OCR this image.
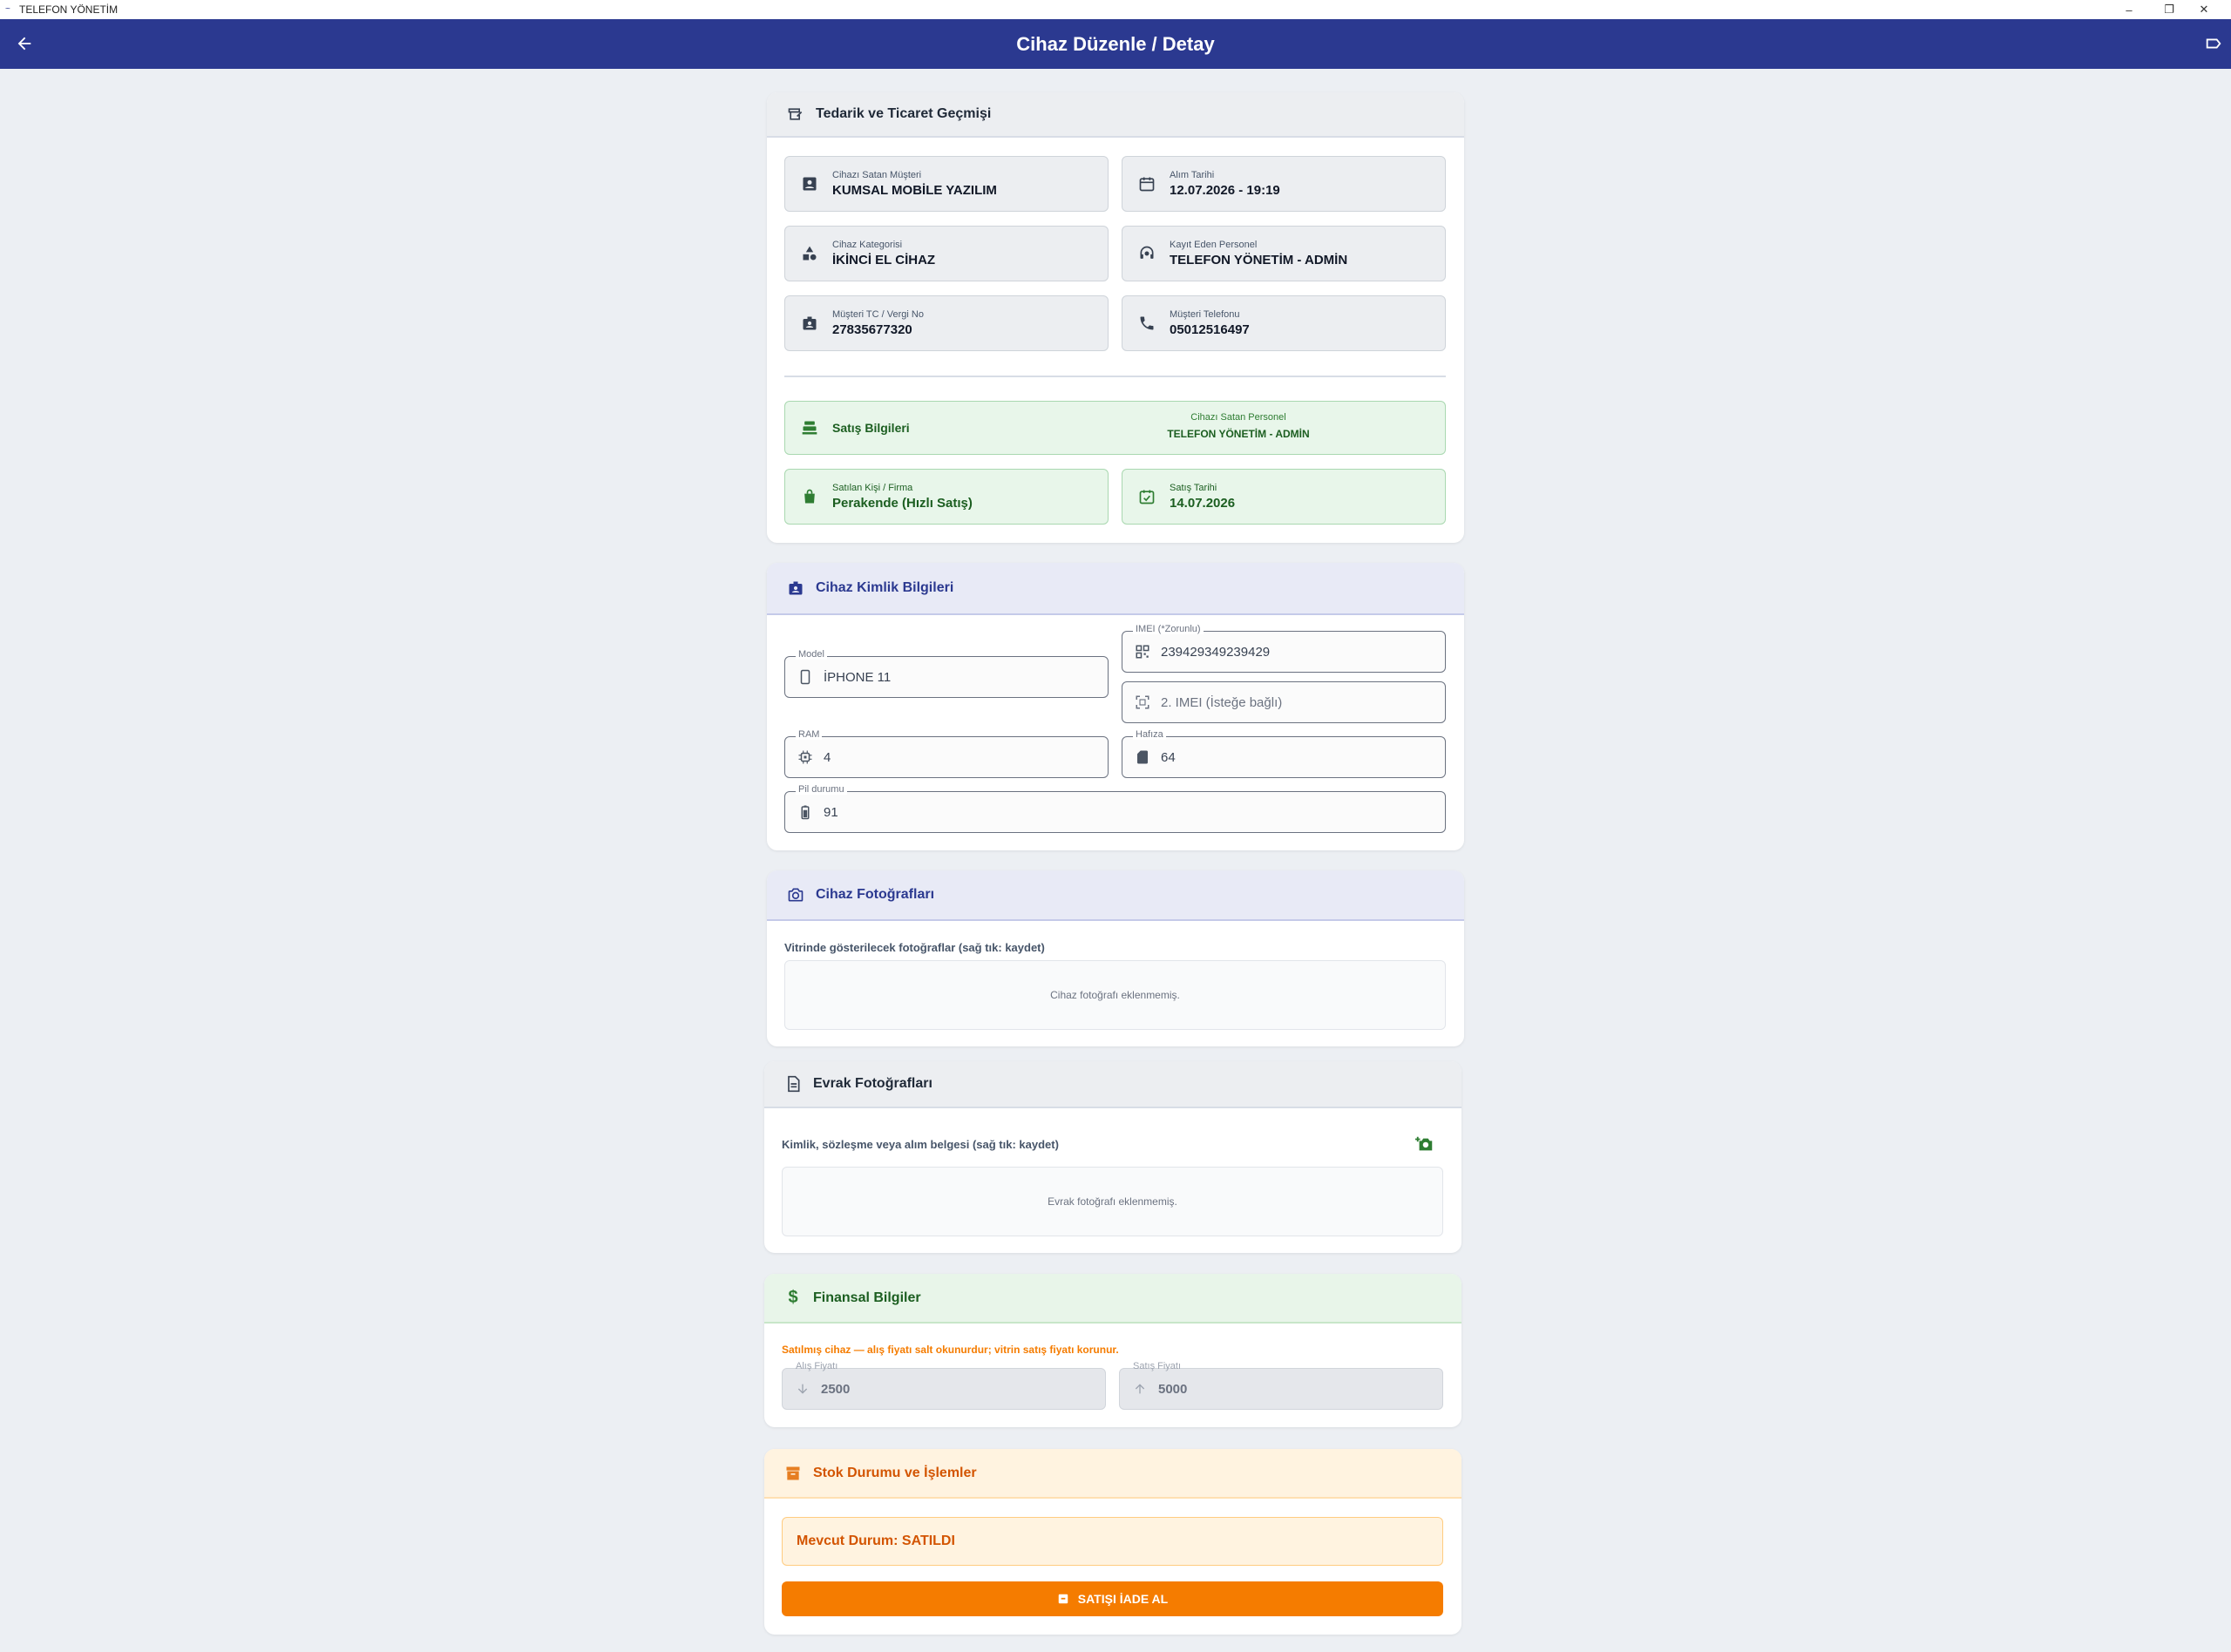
~ TELEFON YÖNETİM	–	❐	✕
Cihaz Düzenle / Detay
Tedarik ve Ticaret Geçmişi
Cihazı Satan Müşteri
KUMSAL MOBİLE YAZILIM
Alım Tarihi
12.07.2026 - 19:19
Cihaz Kategorisi
İKİNCİ EL CİHAZ
Kayıt Eden Personel
TELEFON YÖNETİM - ADMİN
Müşteri TC / Vergi No
27835677320
Müşteri Telefonu
05012516497
Satış Bilgileri
Cihazı Satan Personel
TELEFON YÖNETİM - ADMİN
Satılan Kişi / Firma
Perakende (Hızlı Satış)
Satış Tarihi
14.07.2026
Cihaz Kimlik Bilgileri
Model
İPHONE 11
IMEI (*Zorunlu)
239429349239429
2. IMEI (İsteğe bağlı)
RAM
4
Hafıza
64
Pil durumu
91
Cihaz Fotoğrafları
Vitrinde gösterilecek fotoğraflar (sağ tık: kaydet)
Cihaz fotoğrafı eklenmemiş.
Evrak Fotoğrafları
Kimlik, sözleşme veya alım belgesi (sağ tık: kaydet)
Evrak fotoğrafı eklenmemiş.
$	Finansal Bilgiler
Satılmış cihaz — alış fiyatı salt okunurdur; vitrin satış fiyatı korunur.
Alış Fiyatı
2500
Satış Fiyatı
5000
Stok Durumu ve İşlemler
Mevcut Durum: SATILDI
SATIŞI İADE AL
